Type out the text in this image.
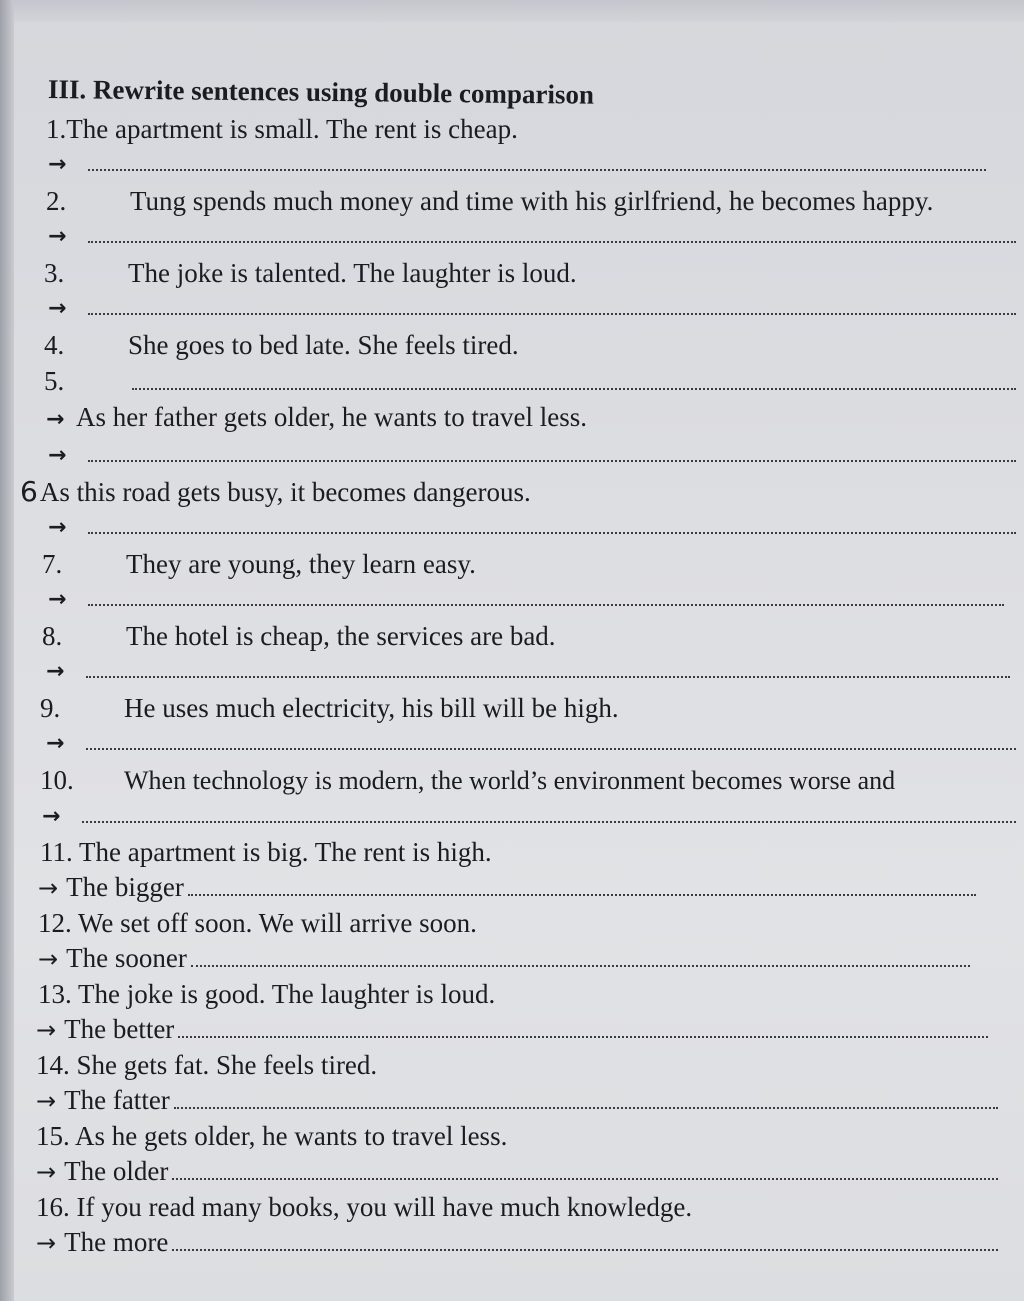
III. Rewrite sentences using double comparison
1. The apartment is small. The rent is cheap.
→
2.	Tung spends much money and time with his girlfriend, he becomes happy.
→
3.	The joke is talented. The laughter is loud.
→
4.	She goes to bed late. She feels tired.
5.
→ As her father gets older, he wants to travel less.
→
6 As this road gets busy, it becomes dangerous.
→
7.	They are young, they learn easy.
→
8.	The hotel is cheap, the services are bad.
→
9.	He uses much electricity, his bill will be high.
→
10.	When technology is modern, the world’s environment becomes worse and
→
11. The apartment is big. The rent is high.
→ The bigger
12. We set off soon. We will arrive soon.
→ The sooner
13. The joke is good. The laughter is loud.
→ The better
14. She gets fat. She feels tired.
→ The fatter
15. As he gets older, he wants to travel less.
→ The older
16. If you read many books, you will have much knowledge.
→ The more
